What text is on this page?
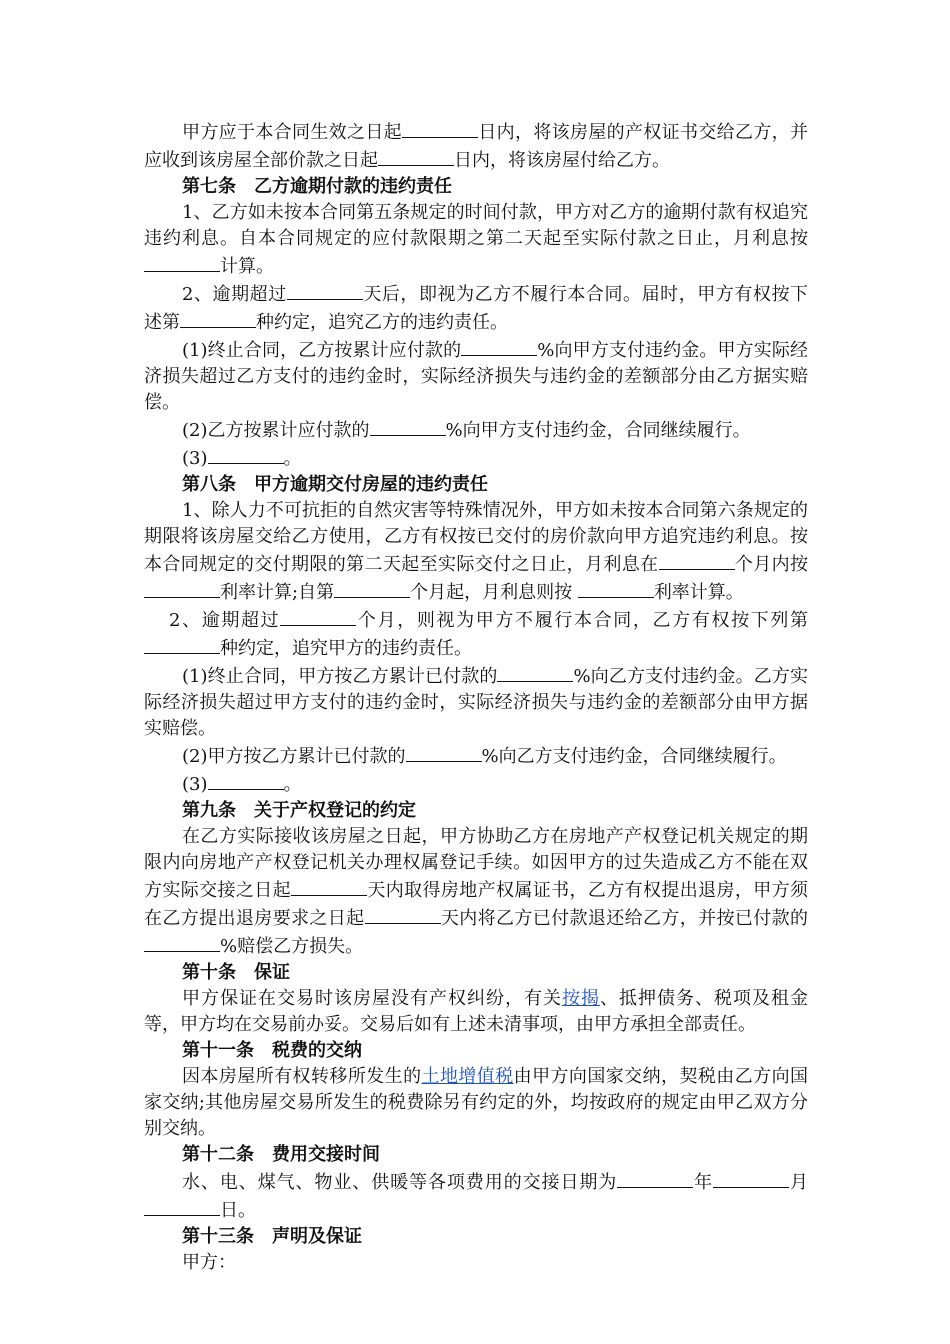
甲方应于本合同生效之日起	日内，将该房屋的产权证书交给乙方，并应收到该房屋全部价款之日起	日内，将该房屋付给乙方。

第七条 乙方逾期付款的违约责任

1、乙方如未按本合同第五条规定的时间付款，甲方对乙方的逾期付款有权追究违约利息。自本合同规定的应付款限期之第二天起至实际付款之日止，月利息按计算。

2、逾期超过	天后，即视为乙方不履行本合同。届时，甲方有权按下述第	种约定，追究乙方的违约责任。

(1)终止合同，乙方按累计应付款的	%向甲方支付违约金。甲方实际经济损失超过乙方支付的违约金时，实际经济损失与违约金的差额部分由乙方据实赔偿。

(2)乙方按累计应付款的	%向甲方支付违约金，合同继续履行。

(3)	。

第八条 甲方逾期交付房屋的违约责任

1、除人力不可抗拒的自然灾害等特殊情况外，甲方如未按本合同第六条规定的期限将该房屋交给乙方使用，乙方有权按已交付的房价款向甲方追究违约利息。按本合同规定的交付期限的第二天起至实际交付之日止，月利息在	个月内按利率计算;自第	个月起，月利息则按	利率计算。

2、逾期超过	个月，则视为甲方不履行本合同，乙方有权按下列第种约定，追究甲方的违约责任。

(1)终止合同，甲方按乙方累计已付款的	%向乙方支付违约金。乙方实际经济损失超过甲方支付的违约金时，实际经济损失与违约金的差额部分由甲方据实赔偿。

(2)甲方按乙方累计已付款的	%向乙方支付违约金，合同继续履行。

(3)	。

第九条 关于产权登记的约定

在乙方实际接收该房屋之日起，甲方协助乙方在房地产产权登记机关规定的期限内向房地产产权登记机关办理权属登记手续。如因甲方的过失造成乙方不能在双方实际交接之日起	天内取得房地产权属证书，乙方有权提出退房，甲方须在乙方提出退房要求之日起	天内将乙方已付款退还给乙方，并按已付款的%赔偿乙方损失。

第十条 保证

甲方保证在交易时该房屋没有产权纠纷，有关按揭、抵押债务、税项及租金等，甲方均在交易前办妥。交易后如有上述未清事项，由甲方承担全部责任。

第十一条 税费的交纳

因本房屋所有权转移所发生的土地增值税由甲方向国家交纳，契税由乙方向国家交纳;其他房屋交易所发生的税费除另有约定的外，均按政府的规定由甲乙双方分别交纳。

第十二条 费用交接时间

水、电、煤气、物业、供暖等各项费用的交接日期为	年	月日。

第十三条 声明及保证

甲方：
